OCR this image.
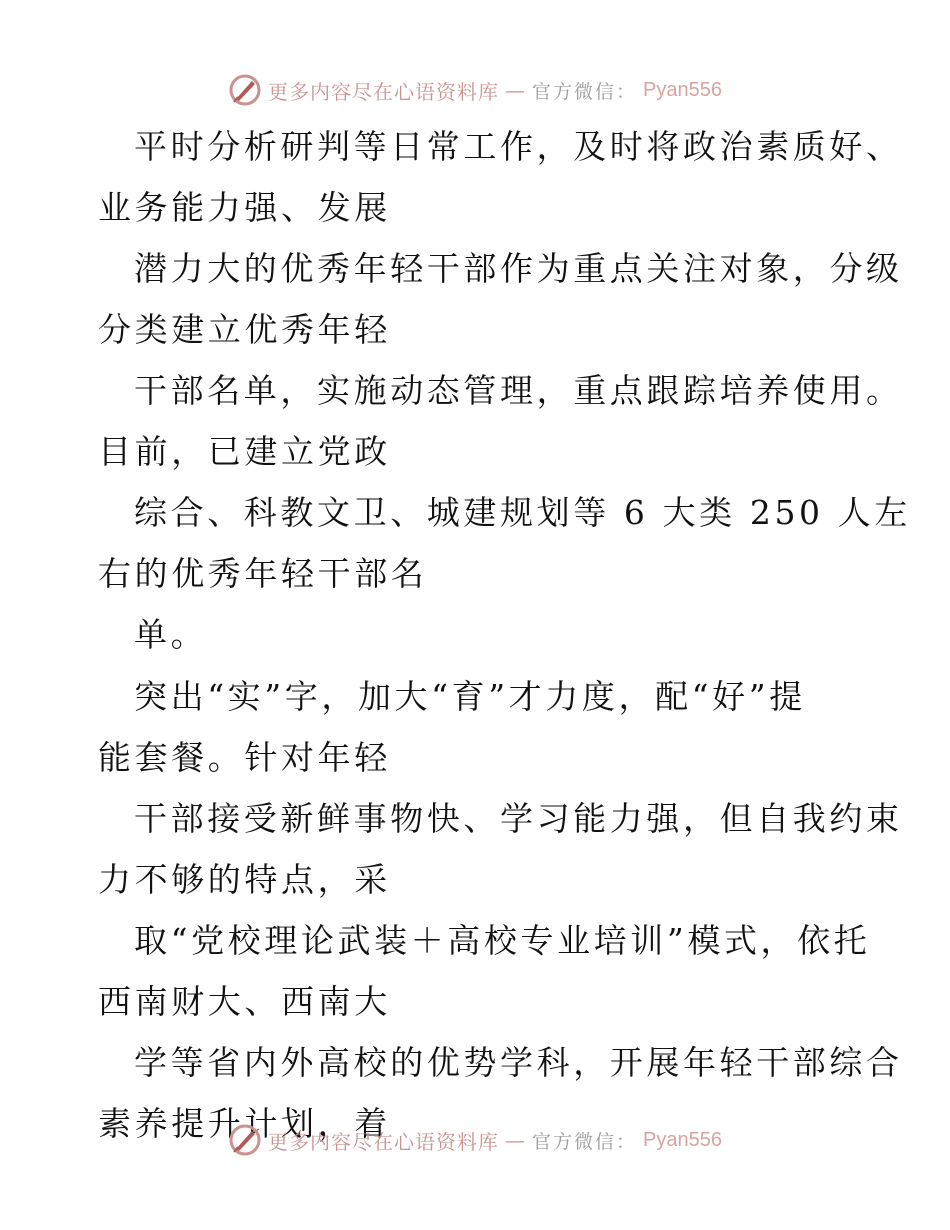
更多内容尽在心语资料库 — 官方微信： Pyan556
平时分析研判等日常工作，及时将政治素质好、
业务能力强、发展
潜力大的优秀年轻干部作为重点关注对象，分级
分类建立优秀年轻
干部名单，实施动态管理，重点跟踪培养使用。
目前，已建立党政
综合、科教文卫、城建规划等 6 大类 250 人左
右的优秀年轻干部名
单。
突出“实”字，加大“育”才力度，配“好”提
能套餐。针对年轻
干部接受新鲜事物快、学习能力强，但自我约束
力不够的特点，采
取“党校理论武装＋高校专业培训”模式，依托
西南财大、西南大
学等省内外高校的优势学科，开展年轻干部综合
素养提升计划，着
更多内容尽在心语资料库 — 官方微信： Pyan556
